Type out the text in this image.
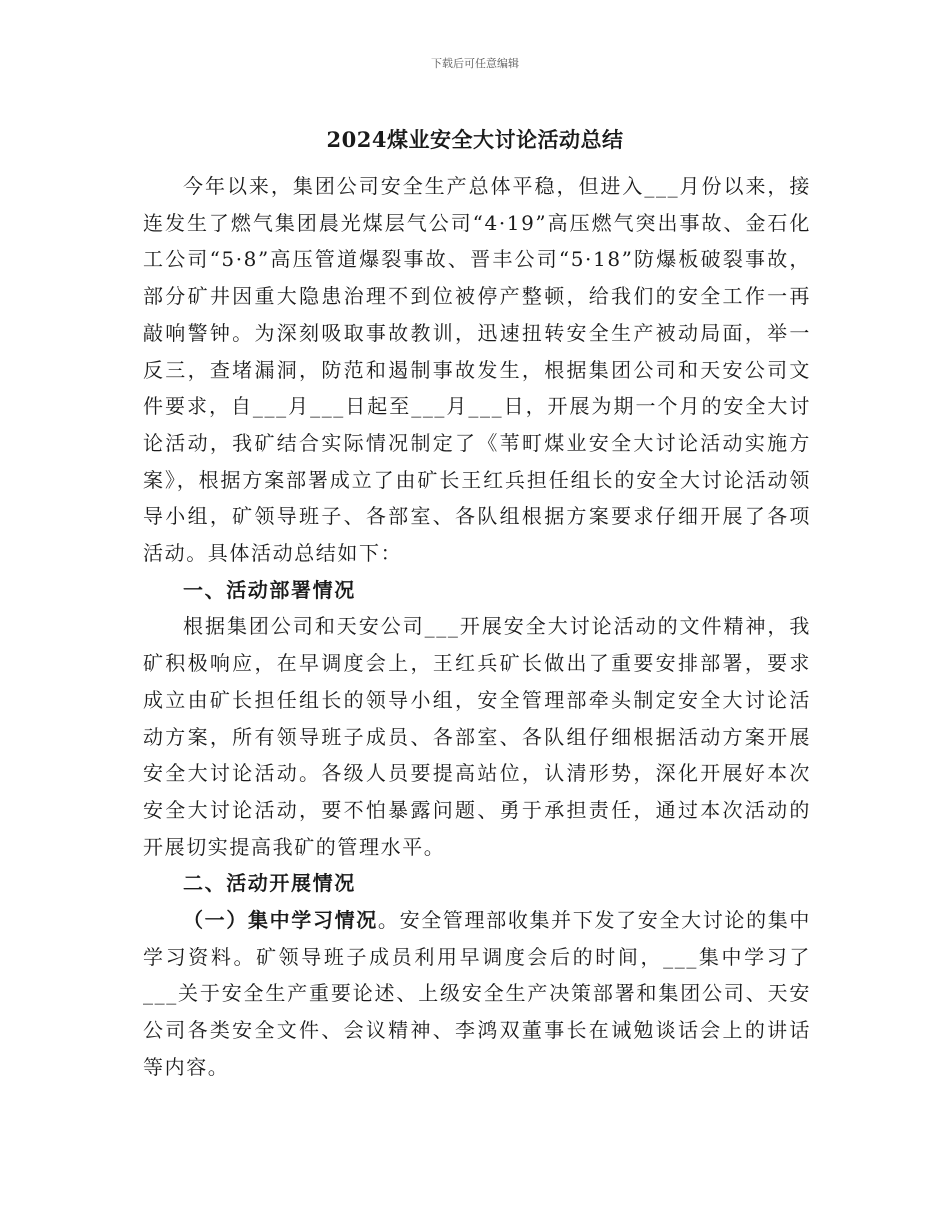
下载后可任意编辑
2024煤业安全大讨论活动总结

今年以来，集团公司安全生产总体平稳，但进入___月份以来，接连发生了燃气集团晨光煤层气公司“4·19”高压燃气突出事故、金石化工公司“5·8”高压管道爆裂事故、晋丰公司“5·18”防爆板破裂事故，部分矿井因重大隐患治理不到位被停产整顿，给我们的安全工作一再敲响警钟。为深刻吸取事故教训，迅速扭转安全生产被动局面，举一反三，查堵漏洞，防范和遏制事故发生，根据集团公司和天安公司文件要求，自___月___日起至___月___日，开展为期一个月的安全大讨论活动，我矿结合实际情况制定了《苇町煤业安全大讨论活动实施方案》，根据方案部署成立了由矿长王红兵担任组长的安全大讨论活动领导小组，矿领导班子、各部室、各队组根据方案要求仔细开展了各项活动。具体活动总结如下：

一、活动部署情况

根据集团公司和天安公司___开展安全大讨论活动的文件精神，我矿积极响应，在早调度会上，王红兵矿长做出了重要安排部署，要求成立由矿长担任组长的领导小组，安全管理部牵头制定安全大讨论活动方案，所有领导班子成员、各部室、各队组仔细根据活动方案开展安全大讨论活动。各级人员要提高站位，认清形势，深化开展好本次安全大讨论活动，要不怕暴露问题、勇于承担责任，通过本次活动的开展切实提高我矿的管理水平。

二、活动开展情况

（一）集中学习情况。安全管理部收集并下发了安全大讨论的集中学习资料。矿领导班子成员利用早调度会后的时间，___集中学习了___关于安全生产重要论述、上级安全生产决策部署和集团公司、天安公司各类安全文件、会议精神、李鸿双董事长在诫勉谈话会上的讲话等内容。
